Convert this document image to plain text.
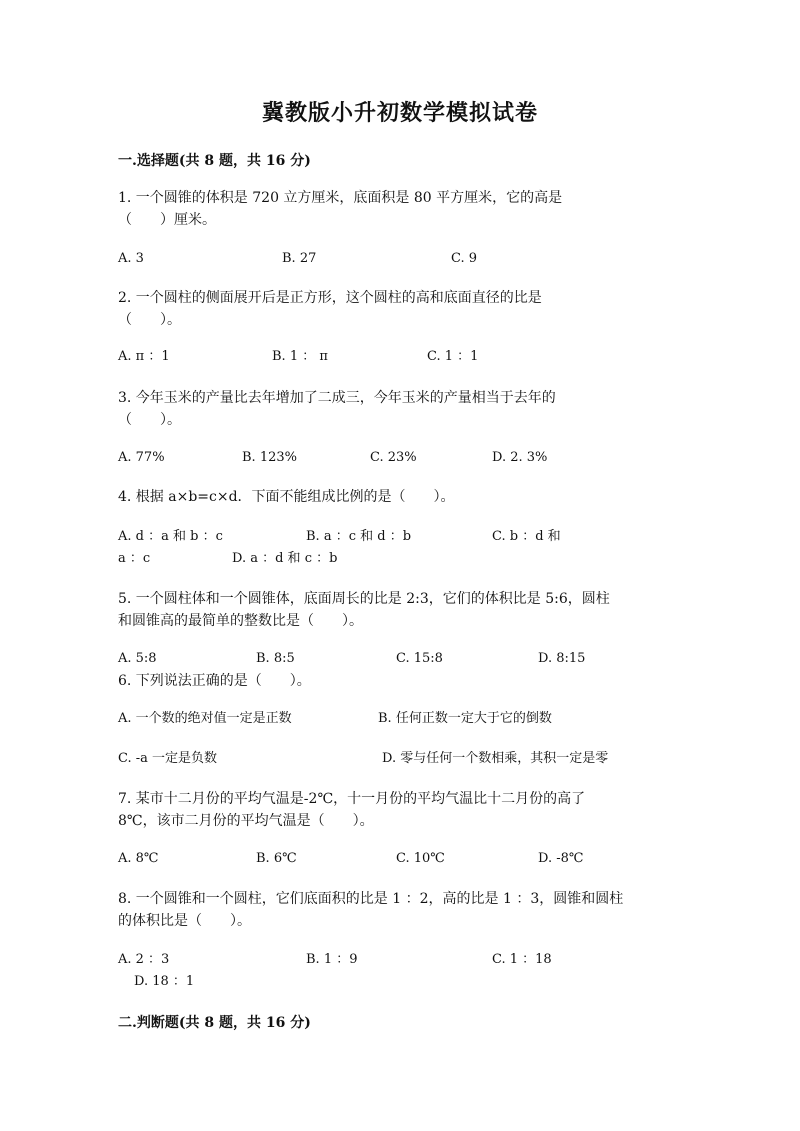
冀教版小升初数学模拟试卷
一.选择题(共 8 题，共 16 分)
1. 一个圆锥的体积是 720 立方厘米，底面积是 80 平方厘米，它的高是
（　　）厘米。
A. 3	B. 27	C. 9
2. 一个圆柱的侧面展开后是正方形，这个圆柱的高和底面直径的比是
（　　）。
A. π ：1	B. 1 ： π	C. 1 ：1
3. 今年玉米的产量比去年增加了二成三，今年玉米的产量相当于去年的
（　　）。
A. 77%	B. 123%	C. 23%	D. 2. 3%
4. 根据 a×b=c×d．下面不能组成比例的是（　　）。
A. d ：a 和 b ：c	B. a ：c 和 d ：b	C. b ：d 和
a ：c	D. a ：d 和 c ：b
5. 一个圆柱体和一个圆锥体，底面周长的比是 2:3，它们的体积比是 5:6，圆柱
和圆锥高的最简单的整数比是（　　）。
A. 5:8	B. 8:5	C. 15:8	D. 8:15
6. 下列说法正确的是（　　）。
A. 一个数的绝对值一定是正数	B. 任何正数一定大于它的倒数
C. -a 一定是负数	D. 零与任何一个数相乘，其积一定是零
7. 某市十二月份的平均气温是-2℃，十一月份的平均气温比十二月份的高了
8℃，该市二月份的平均气温是（　　）。
A. 8℃	B. 6℃	C. 10℃	D. -8℃
8. 一个圆锥和一个圆柱，它们底面积的比是 1 ：2，高的比是 1 ：3，圆锥和圆柱
的体积比是（　　）。
A. 2 ：3	B. 1 ：9	C. 1 ：18
D. 18 ：1
二.判断题(共 8 题，共 16 分)
